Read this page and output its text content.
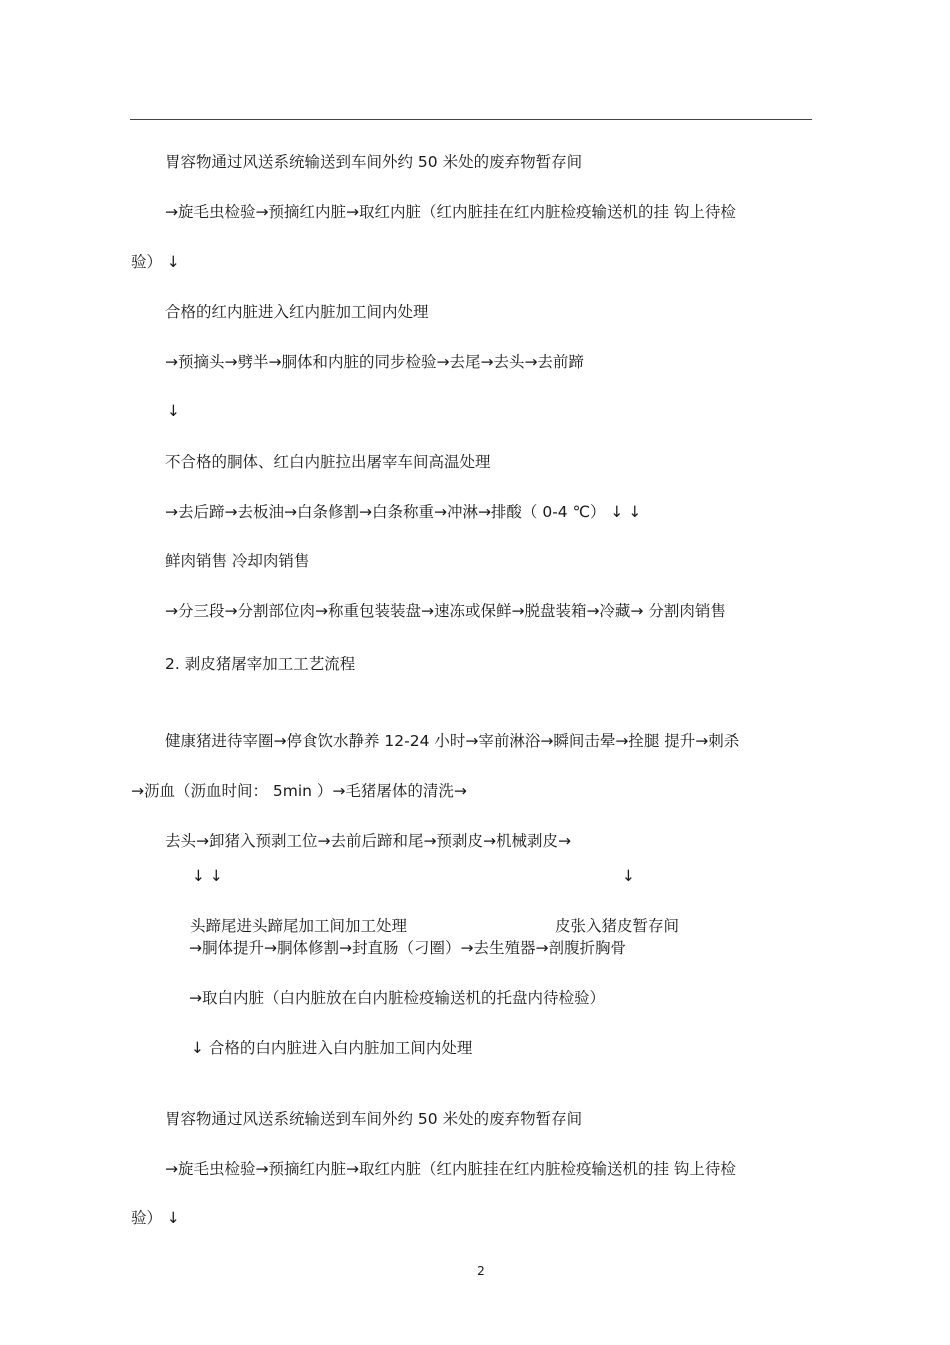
胃容物通过风送系统输送到车间外约 50 米处的废弃物暂存间
→旋毛虫检验→预摘红内脏→取红内脏（红内脏挂在红内脏检疫输送机的挂 钩上待检
验） ↓
合格的红内脏进入红内脏加工间内处理
→预摘头→劈半→胴体和内脏的同步检验→去尾→去头→去前蹄
↓
不合格的胴体、红白内脏拉出屠宰车间高温处理
→去后蹄→去板油→白条修割→白条称重→冲淋→排酸（ 0-4 ℃） ↓ ↓
鲜肉销售 冷却肉销售
→分三段→分割部位肉→称重包装装盘→速冻或保鲜→脱盘装箱→冷藏→ 分割肉销售
2. 剥皮猪屠宰加工工艺流程
健康猪进待宰圈→停食饮水静养 12-24 小时→宰前淋浴→瞬间击晕→拴腿 提升→刺杀
→沥血（沥血时间： 5min ）→毛猪屠体的清洗→
去头→卸猪入预剥工位→去前后蹄和尾→预剥皮→机械剥皮→
↓ ↓	↓
头蹄尾进头蹄尾加工间加工处理	皮张入猪皮暂存间
→胴体提升→胴体修割→封直肠（刁圈）→去生殖器→剖腹折胸骨
→取白内脏（白内脏放在白内脏检疫输送机的托盘内待检验）
↓ 合格的白内脏进入白内脏加工间内处理
胃容物通过风送系统输送到车间外约 50 米处的废弃物暂存间
→旋毛虫检验→预摘红内脏→取红内脏（红内脏挂在红内脏检疫输送机的挂 钩上待检
验） ↓
2
